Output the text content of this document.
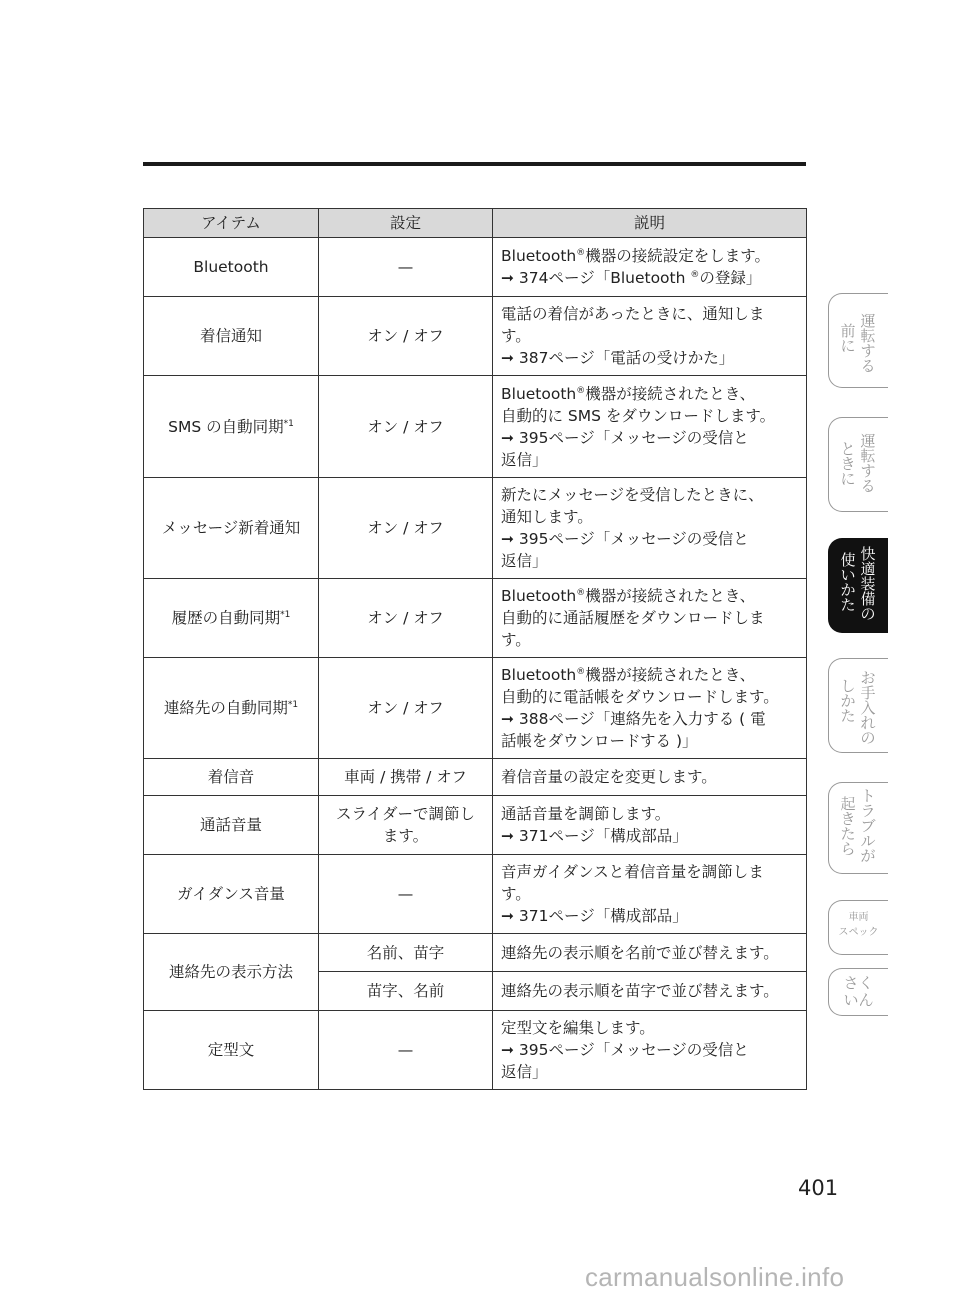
アイテム	設定	説明
Bluetooth	—	Bluetooth®機器の接続設定をします。
➞ 374ページ「Bluetooth ®の登録」

着信通知	オン / オフ	電話の着信があったときに、通知しま
す。
➞ 387ページ「電話の受けかた」

SMS の自動同期$^{*1}$	オン / オフ	Bluetooth®機器が接続されたとき、
自動的に SMS をダウンロードします。
➞ 395ページ「メッセージの受信と
返信」

メッセージ新着通知	オン / オフ	新たにメッセージを受信したときに、
通知します。
➞ 395ページ「メッセージの受信と
返信」

履歴の自動同期$^{*1}$	オン / オフ	Bluetooth®機器が接続されたとき、
自動的に通話履歴をダウンロードしま
す。

連絡先の自動同期$^{*1}$	オン / オフ	Bluetooth®機器が接続されたとき、
自動的に電話帳をダウンロードします。
➞ 388ページ「連絡先を入力する ( 電
話帳をダウンロードする )」

着信音	車両 / 携帯 / オフ	着信音量の設定を変更します。

通話音量	スライダーで調節し
ます。	通話音量を調節します。
➞ 371ページ「構成部品」

ガイダンス音量	—	音声ガイダンスと着信音量を調節しま
す。
➞ 371ページ「構成部品」

連絡先の表示方法	名前、苗字	連絡先の表示順を名前で並び替えます。
	苗字、名前	連絡先の表示順を苗字で並び替えます。
定型文	—	定型文を編集します。
➞ 395ページ「メッセージの受信と
返信」
運転する
前に
運転する
ときに
快適装備の
使いかた
お手入れの
しかた
トラブルが
起きたら
車両
スペック
さく
いん
401
carmanualsonline.info
